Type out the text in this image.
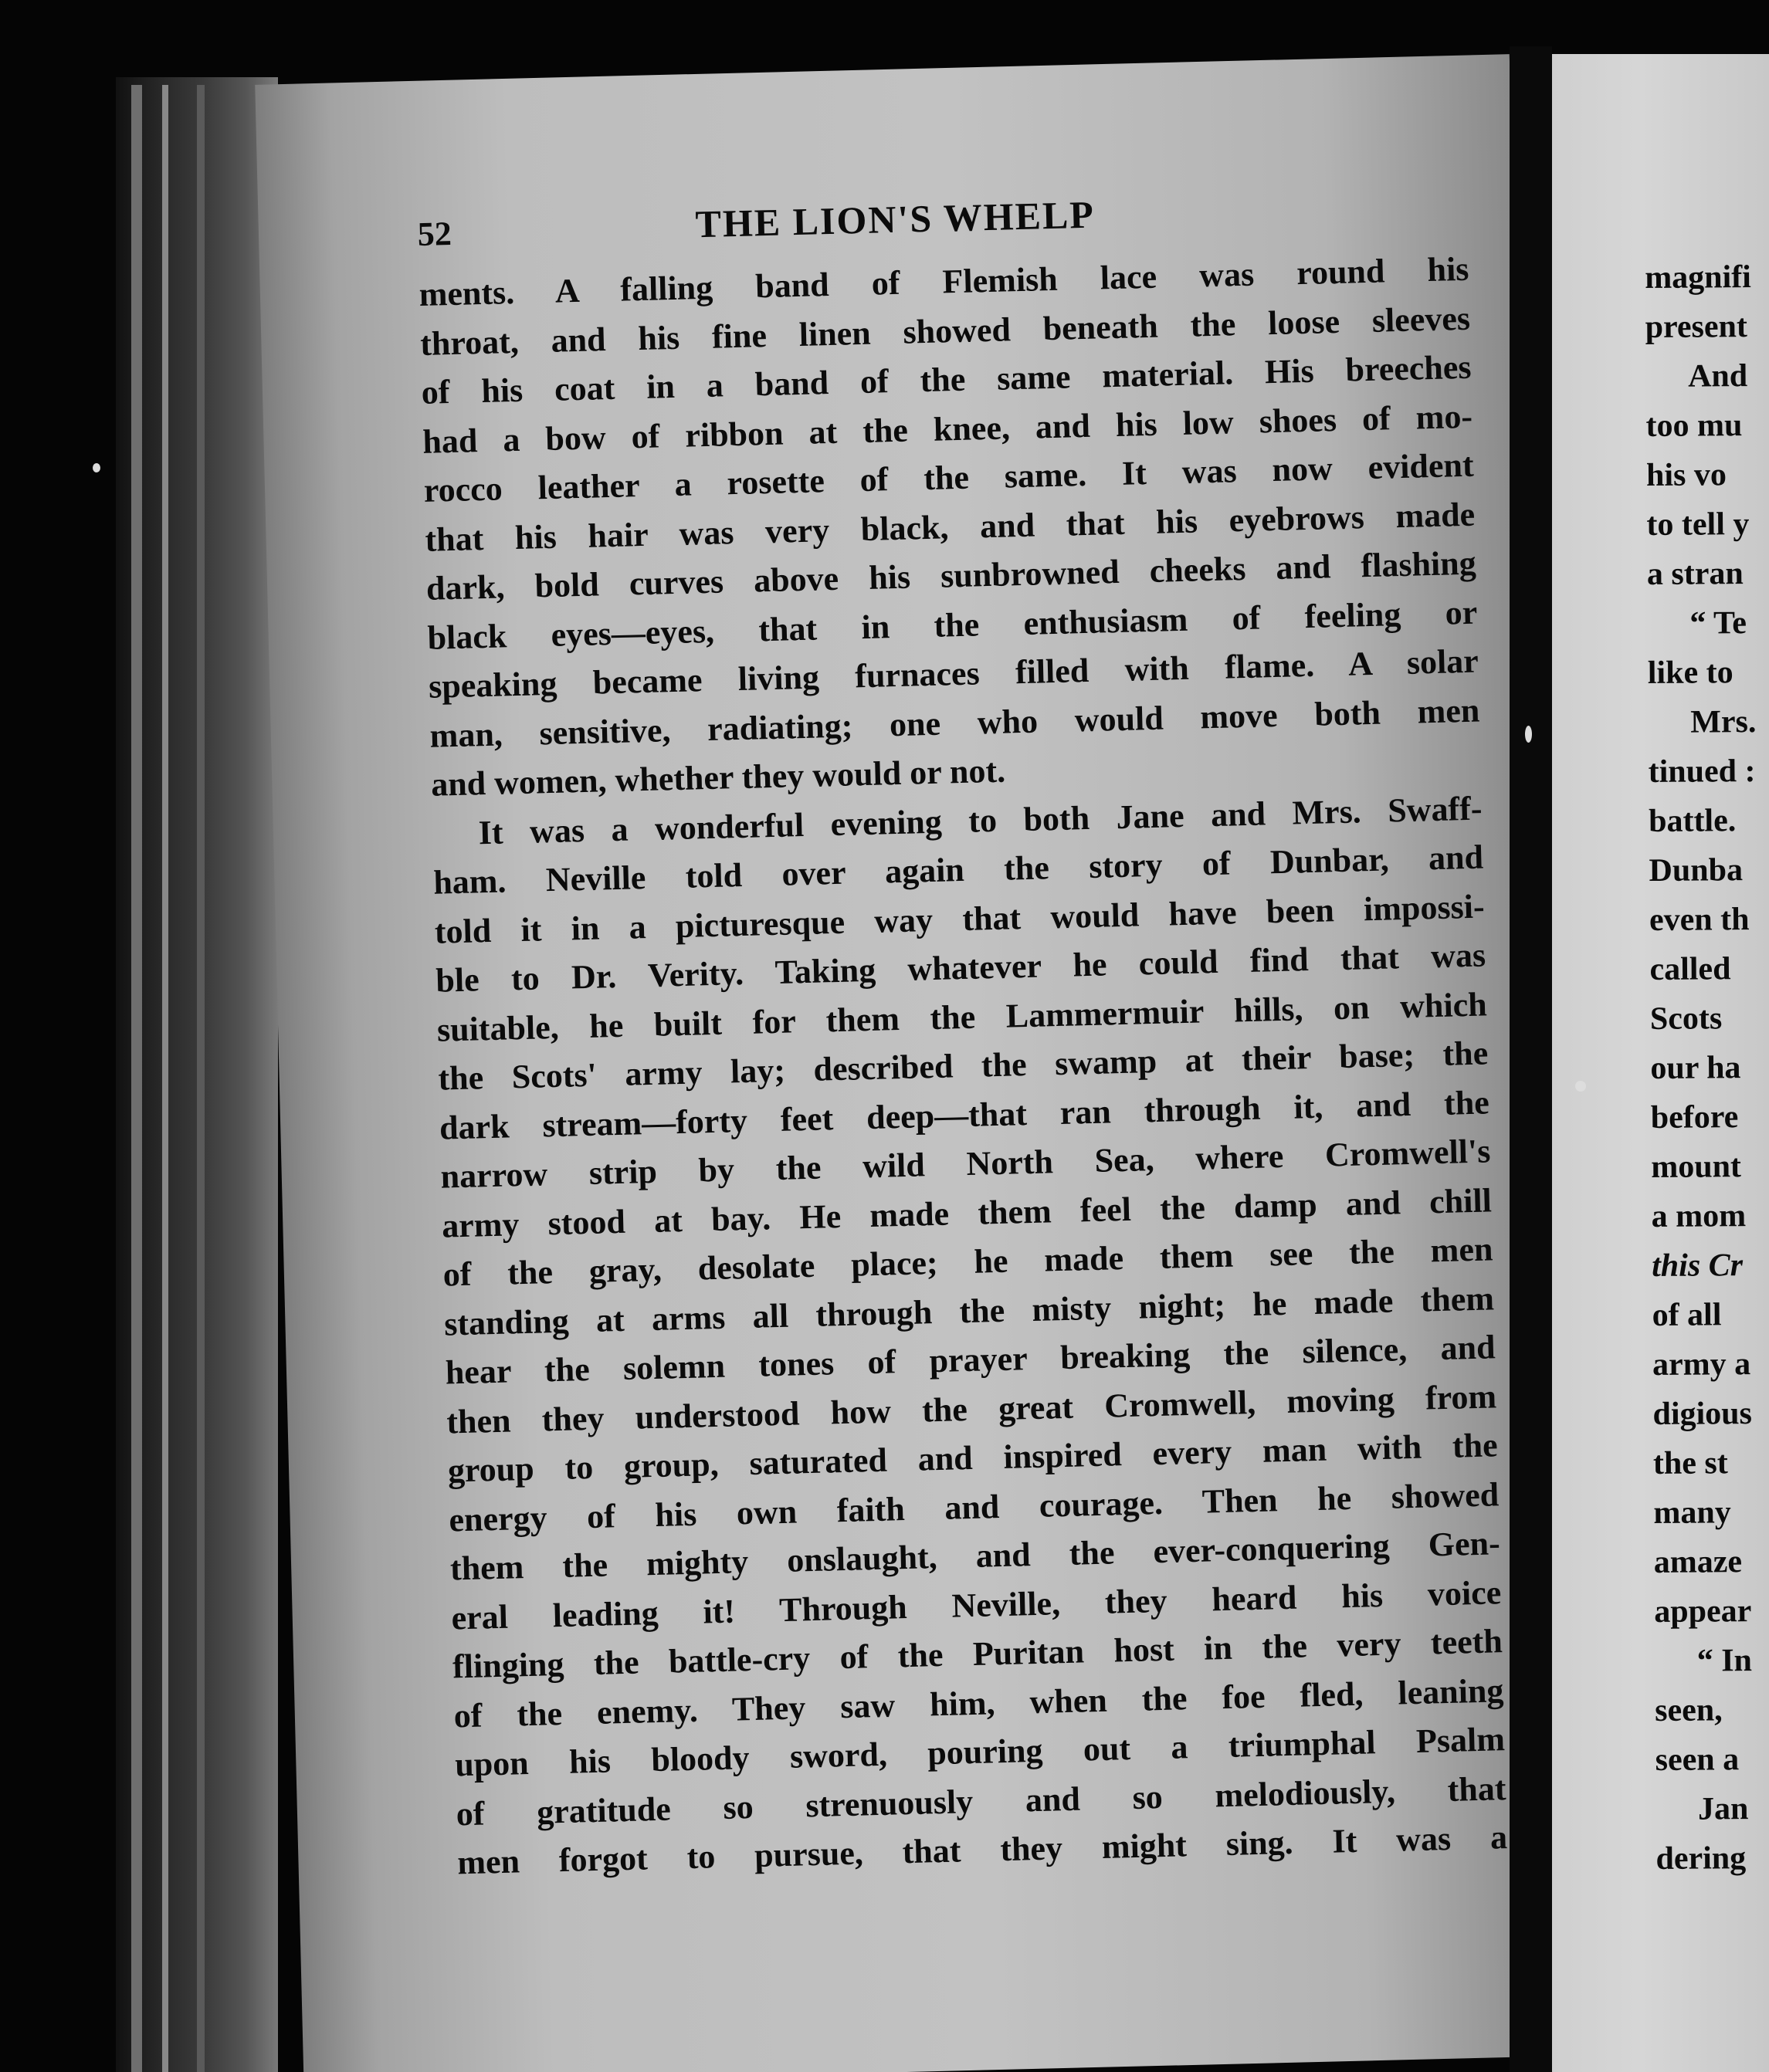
52	THE LION'S WHELP

ments. A falling band of Flemish lace was round his
throat, and his fine linen showed beneath the loose sleeves
of his coat in a band of the same material. His breeches
had a bow of ribbon at the knee, and his low shoes of mo-
rocco leather a rosette of the same. It was now evident
that his hair was very black, and that his eyebrows made
dark, bold curves above his sunbrowned cheeks and flashing
black eyes—eyes, that in the enthusiasm of feeling or
speaking became living furnaces filled with flame. A solar
man, sensitive, radiating; one who would move both men
and women, whether they would or not.

It was a wonderful evening to both Jane and Mrs. Swaff-
ham. Neville told over again the story of Dunbar, and
told it in a picturesque way that would have been impossi-
ble to Dr. Verity. Taking whatever he could find that was
suitable, he built for them the Lammermuir hills, on which
the Scots' army lay; described the swamp at their base; the
dark stream—forty feet deep—that ran through it, and the
narrow strip by the wild North Sea, where Cromwell's
army stood at bay. He made them feel the damp and chill
of the gray, desolate place; he made them see the men
standing at arms all through the misty night; he made them
hear the solemn tones of prayer breaking the silence, and
then they understood how the great Cromwell, moving from
group to group, saturated and inspired every man with the
energy of his own faith and courage. Then he showed
them the mighty onslaught, and the ever-conquering Gen-
eral leading it! Through Neville, they heard his voice
flinging the battle-cry of the Puritan host in the very teeth
of the enemy. They saw him, when the foe fled, leaning
upon his bloody sword, pouring out a triumphal Psalm
of gratitude so strenuously and so melodiously, that
men forgot to pursue, that they might sing. It was a

magnifi
present
And
too mu
his vo
to tell y
a stran
“ Te
like to
Mrs.
tinued :
battle.
Dunba
even th
called
Scots
our ha
before
mount
a mom
this Cr
of all
army a
digious
the st
many
amaze
appear
“ In
seen,
seen a
Jan
dering
